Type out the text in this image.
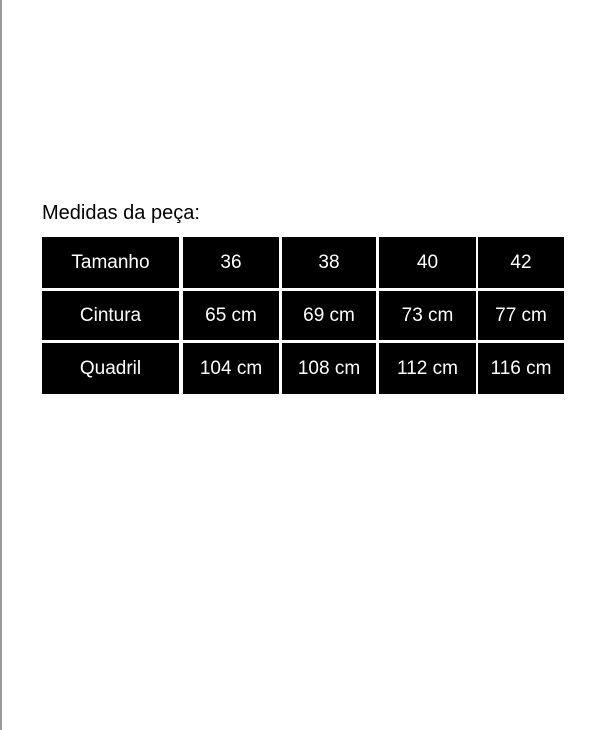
Medidas da peça:
Tamanho	36	38	40	42
Cintura	65 cm	69 cm	73 cm	77 cm
Quadril	104 cm	108 cm	112 cm	116 cm
